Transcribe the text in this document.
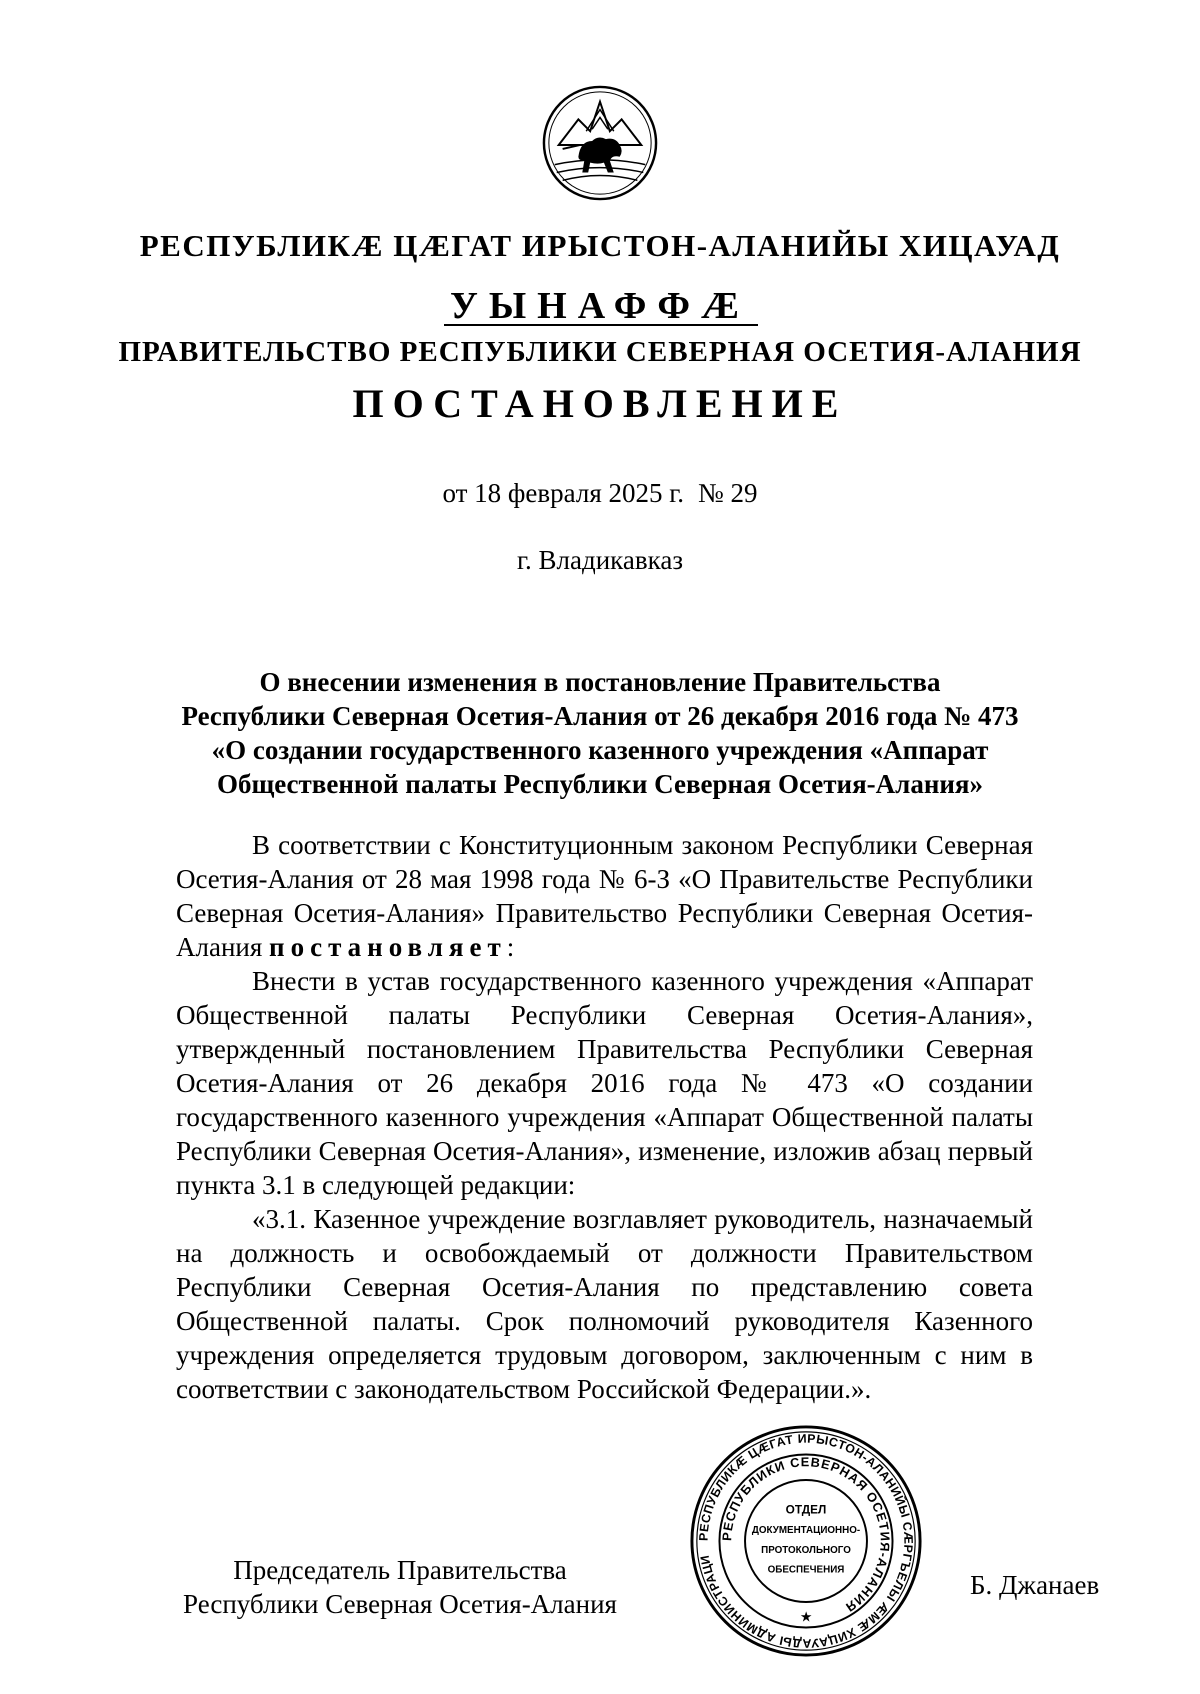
РЕСПУБЛИКӔ ЦӔГАТ ИРЫСТОН-АЛАНИЙЫ ХИЦАУАД
УЫНАФФӔ
ПРАВИТЕЛЬСТВО РЕСПУБЛИКИ СЕВЕРНАЯ ОСЕТИЯ-АЛАНИЯ
ПОСТАНОВЛЕНИЕ
от 18 февраля 2025 г. № 29
г. Владикавказ
О внесении изменения в постановление Правительства
Республики Северная Осетия-Алания от 26 декабря 2016 года № 473
«О создании государственного казенного учреждения «Аппарат
Общественной палаты Республики Северная Осетия-Алания»

В соответствии с Конституционным законом Республики Северная Осетия-Алания от 28 мая 1998 года № 6-З «О Правительстве Республики Северная Осетия-Алания» Правительство Республики Северная Осетия-Алания постановляет:

Внести в устав государственного казенного учреждения «Аппарат Общественной палаты Республики Северная Осетия-Алания», утвержденный постановлением Правительства Республики Северная Осетия-Алания от 26 декабря 2016 года № 473 «О создании государственного казенного учреждения «Аппарат Общественной палаты Республики Северная Осетия-Алания», изменение, изложив абзац первый пункта 3.1 в следующей редакции:

«3.1. Казенное учреждение возглавляет руководитель, назначаемый на должность и освобождаемый от должности Правительством Республики Северная Осетия-Алания по представлению совета Общественной палаты. Срок полномочий руководителя Казенного учреждения определяется трудовым договором, заключенным с ним в соответствии с законодательством Российской Федерации.».

Председатель Правительства
Республики Северная Осетия-Алания
Б. Джанаев
РЕСПУБЛИКӔ ЦӔГАТ ИРЫСТОН-АЛАНИЙЫ СӔРГЪЕЛЫ ӔМӔ ХИЦАУАДЫ АДМИНИСТРАЦИ
РЕСПУБЛИКИ СЕВЕРНАЯ ОСЕТИЯ-АЛАНИЯ
ОТДЕЛ
ДОКУМЕНТАЦИОННО-
ПРОТОКОЛЬНОГО
ОБЕСПЕЧЕНИЯ
★
